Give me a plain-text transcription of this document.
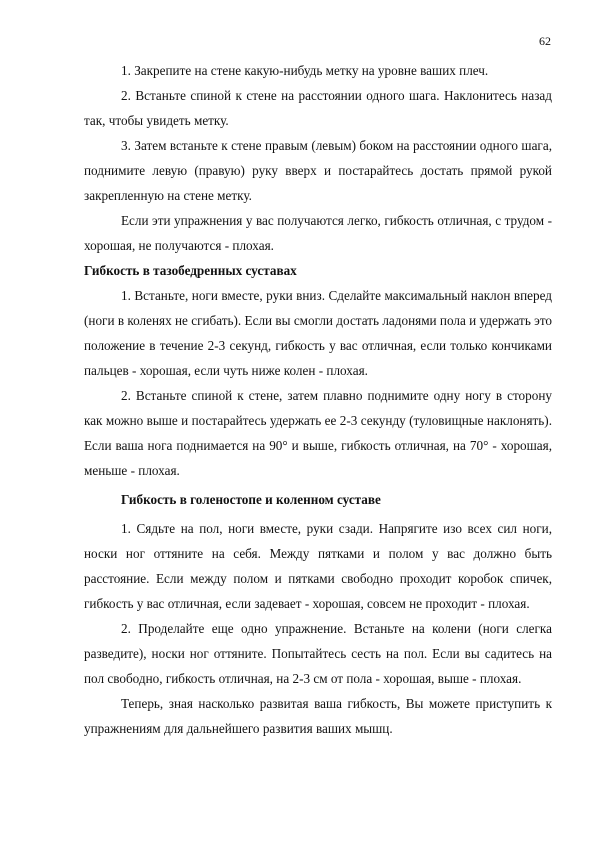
62

1. Закрепите на стене какую-нибудь метку на уровне ваших плеч.

2. Встаньте спиной к стене на расстоянии одного шага. Наклонитесь назад так, чтобы увидеть метку.

3. Затем встаньте к стене правым (левым) боком на расстоянии одного шага, поднимите левую (правую) руку вверх и постарайтесь достать прямой рукой закрепленную на стене метку.

Если эти упражнения у вас получаются легко, гибкость отличная, с трудом - хорошая, не получаются - плохая.

Гибкость в тазобедренных суставах

1. Встаньте, ноги вместе, руки вниз. Сделайте максимальный наклон вперед (ноги в коленях не сгибать). Если вы смогли достать ладонями пола и удержать это положение в течение 2-3 секунд, гибкость у вас отличная, если только кончиками пальцев - хорошая, если чуть ниже колен - плохая.

2. Встаньте спиной к стене, затем плавно поднимите одну ногу в сторону как можно выше и постарайтесь удержать ее 2-3 секунду (туловищные наклонять). Если ваша нога поднимается на 90° и выше, гибкость отличная, на 70° - хорошая, меньше - плохая.

Гибкость в голеностопе и коленном суставе

1. Сядьте на пол, ноги вместе, руки сзади. Напрягите изо всех сил ноги, носки ног оттяните на себя. Между пятками и полом у вас должно быть расстояние. Если между полом и пятками свободно проходит коробок спичек, гибкость у вас отличная, если задевает - хорошая, совсем не проходит - плохая.

2. Проделайте еще одно упражнение. Встаньте на колени (ноги слегка разведите), носки ног оттяните. Попытайтесь сесть на пол. Если вы садитесь на пол свободно, гибкость отличная, на 2-3 см от пола - хорошая, выше - плохая.

Теперь, зная насколько развитая ваша гибкость, Вы можете приступить к упражнениям для дальнейшего развития ваших мышц.
